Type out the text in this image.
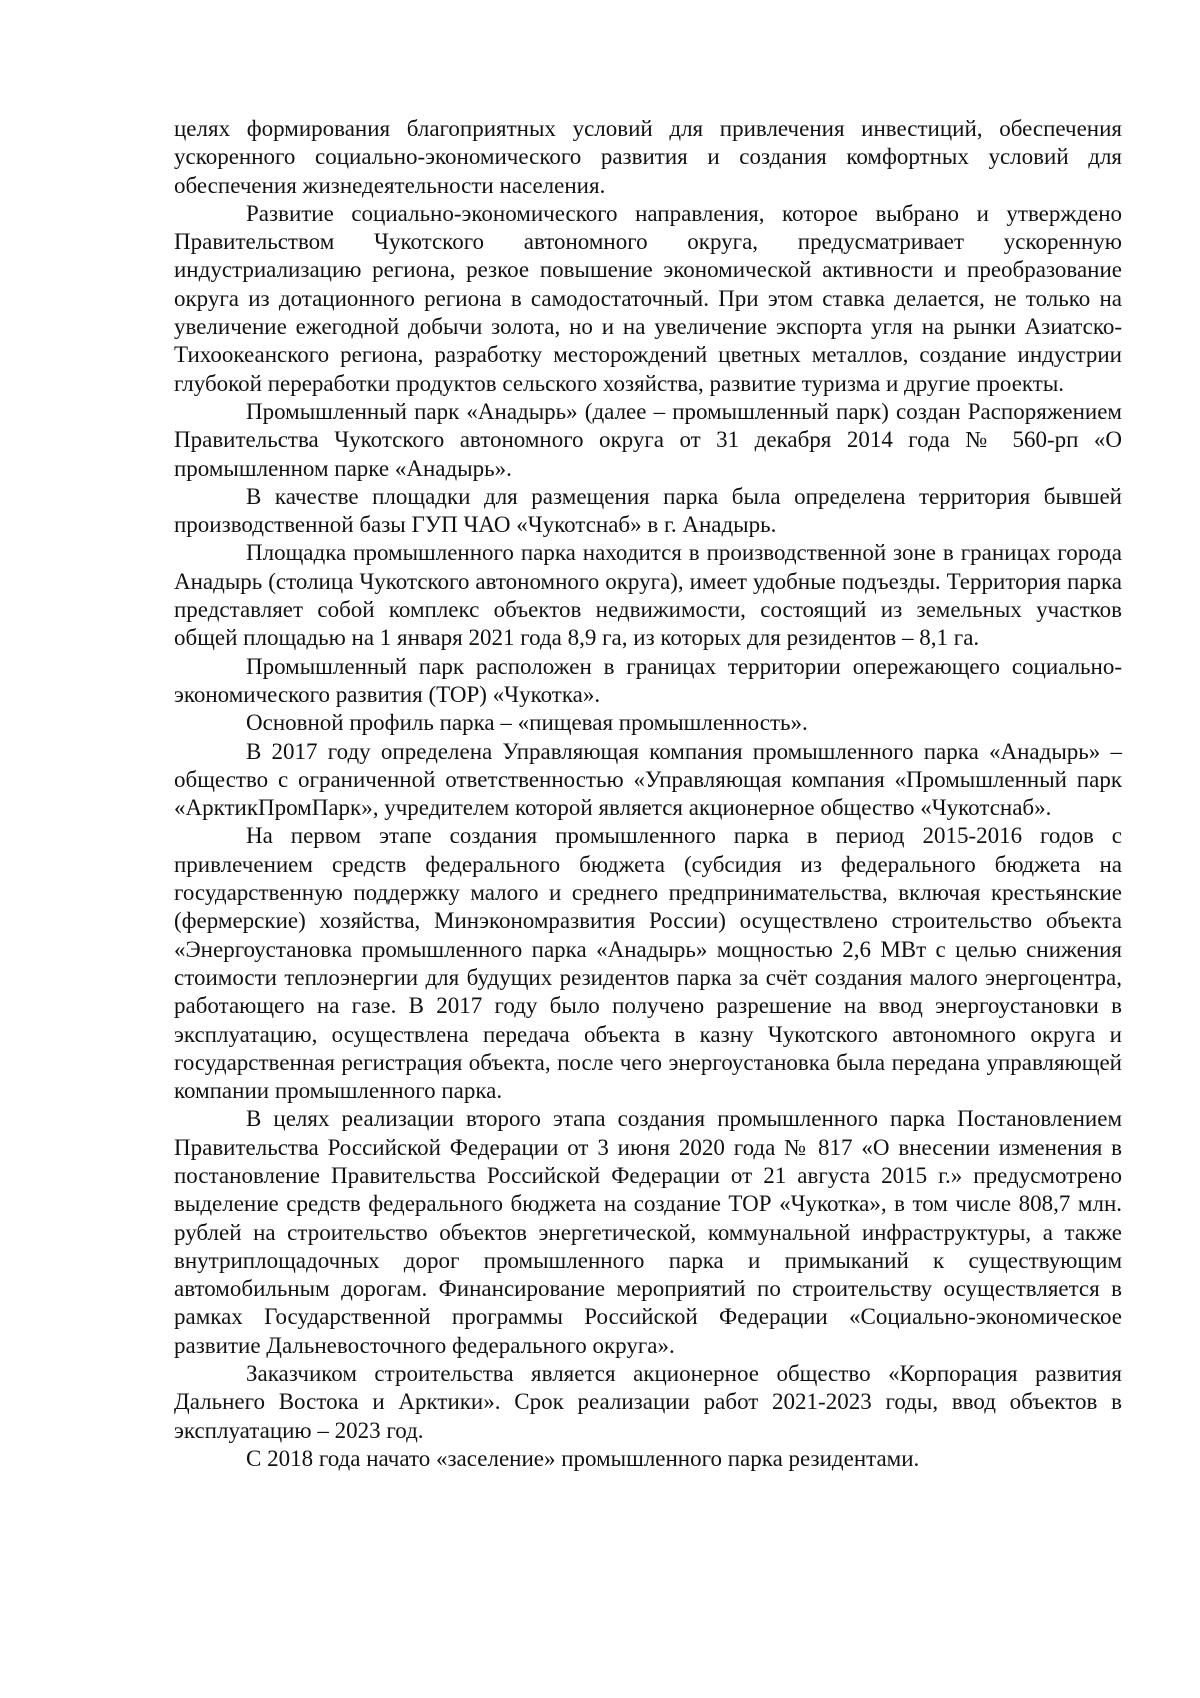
целях формирования благоприятных условий для привлечения инвестиций, обеспечения ускоренного социально-экономического развития и создания комфортных условий для обеспечения жизнедеятельности населения.

Развитие социально-экономического направления, которое выбрано и утверждено Правительством Чукотского автономного округа, предусматривает ускоренную индустриализацию региона, резкое повышение экономической активности и преобразование округа из дотационного региона в самодостаточный. При этом ставка делается, не только на увеличение ежегодной добычи золота, но и на увеличение экспорта угля на рынки Азиатско-Тихоокеанского региона, разработку месторождений цветных металлов, создание индустрии глубокой переработки продуктов сельского хозяйства, развитие туризма и другие проекты.

Промышленный парк «Анадырь» (далее – промышленный парк) создан Распоряжением Правительства Чукотского автономного округа от 31 декабря 2014 года № 560-рп «О промышленном парке «Анадырь».

В качестве площадки для размещения парка была определена территория бывшей производственной базы ГУП ЧАО «Чукотснаб» в г. Анадырь.

Площадка промышленного парка находится в производственной зоне в границах города Анадырь (столица Чукотского автономного округа), имеет удобные подъезды. Территория парка представляет собой комплекс объектов недвижимости, состоящий из земельных участков общей площадью на 1 января 2021 года 8,9 га, из которых для резидентов – 8,1 га.

Промышленный парк расположен в границах территории опережающего социально-экономического развития (ТОР) «Чукотка».

Основной профиль парка – «пищевая промышленность».

В 2017 году определена Управляющая компания промышленного парка «Анадырь» – общество с ограниченной ответственностью «Управляющая компания «Промышленный парк «АрктикПромПарк», учредителем которой является акционерное общество «Чукотснаб».

На первом этапе создания промышленного парка в период 2015-2016 годов с привлечением средств федерального бюджета (субсидия из федерального бюджета на государственную поддержку малого и среднего предпринимательства, включая крестьянские (фермерские) хозяйства, Минэкономразвития России) осуществлено строительство объекта «Энергоустановка промышленного парка «Анадырь» мощностью 2,6 МВт с целью снижения стоимости теплоэнергии для будущих резидентов парка за счёт создания малого энергоцентра, работающего на газе. В 2017 году было получено разрешение на ввод энергоустановки в эксплуатацию, осуществлена передача объекта в казну Чукотского автономного округа и государственная регистрация объекта, после чего энергоустановка была передана управляющей компании промышленного парка.

В целях реализации второго этапа создания промышленного парка Постановлением Правительства Российской Федерации от 3 июня 2020 года № 817 «О внесении изменения в постановление Правительства Российской Федерации от 21 августа 2015 г.» предусмотрено выделение средств федерального бюджета на создание ТОР «Чукотка», в том числе 808,7 млн. рублей на строительство объектов энергетической, коммунальной инфраструктуры, а также внутриплощадочных дорог промышленного парка и примыканий к существующим автомобильным дорогам. Финансирование мероприятий по строительству осуществляется в рамках Государственной программы Российской Федерации «Социально-экономическое развитие Дальневосточного федерального округа».

Заказчиком строительства является акционерное общество «Корпорация развития Дальнего Востока и Арктики». Срок реализации работ 2021-2023 годы, ввод объектов в эксплуатацию – 2023 год.

С 2018 года начато «заселение» промышленного парка резидентами.
